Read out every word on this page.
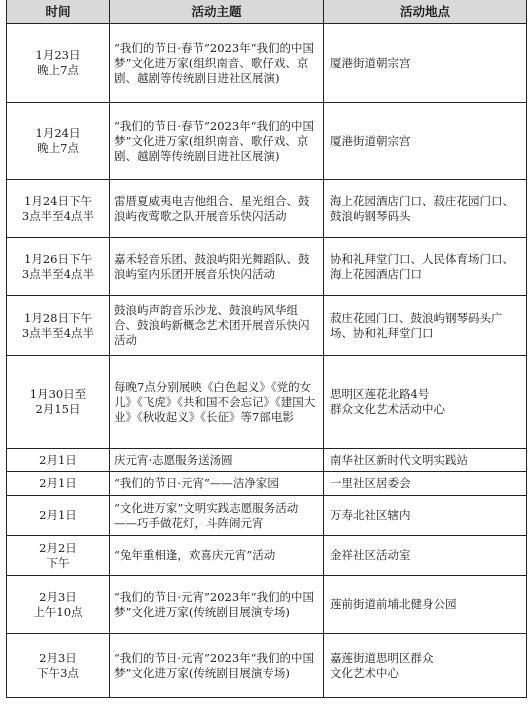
时间	活动主题	活动地点

1月23日
晚上7点	“我们的节日·春节”2023年“我们的中国梦”文化进万家(组织南音、歌仔戏、京剧、越剧等传统剧目进社区展演)	厦港街道朝宗宫

1月24日
晚上7点	“我们的节日·春节”2023年“我们的中国梦”文化进万家(组织南音、歌仔戏、京剧、越剧等传统剧目进社区展演)	厦港街道朝宗宫

1月24日下午
3点半至4点半	雷厝夏威夷电吉他组合、星光组合、鼓浪屿夜莺歌之队开展音乐快闪活动	海上花园酒店门口、菽庄花园门口、鼓浪屿钢琴码头

1月26日下午
3点半至4点半	嘉禾轻音乐团、鼓浪屿阳光舞蹈队、鼓浪屿室内乐团开展音乐快闪活动	协和礼拜堂门口、人民体育场门口、海上花园酒店门口

1月28日下午
3点半至4点半	鼓浪屿声韵音乐沙龙、鼓浪屿风华组合、鼓浪屿新概念艺术团开展音乐快闪活动	菽庄花园门口、鼓浪屿钢琴码头广场、协和礼拜堂门口

1月30日至
2月15日	每晚7点分别展映《白色起义》《党的女儿》《飞虎》《共和国不会忘记》《建国大业》《秋收起义》《长征》等7部电影	思明区莲花北路4号
群众文化艺术活动中心

2月1日	庆元宵·志愿服务送汤圆	南华社区新时代文明实践站

2月1日	“我们的节日·元宵”——洁净家园	一里社区居委会

2月1日	“文化进万家”文明实践志愿服务活动——巧手做花灯，斗阵闹元宵	万寿北社区辖内

2月2日
下午	“兔年重相逢，欢喜庆元宵”活动	金祥社区活动室

2月3日
上午10点	“我们的节日·元宵”2023年“我们的中国梦”文化进万家(传统剧目展演专场)	莲前街道前埔北健身公园

2月3日
下午3点	“我们的节日·元宵”2023年“我们的中国梦”文化进万家(传统剧目展演专场)	嘉莲街道思明区群众
文化艺术中心
